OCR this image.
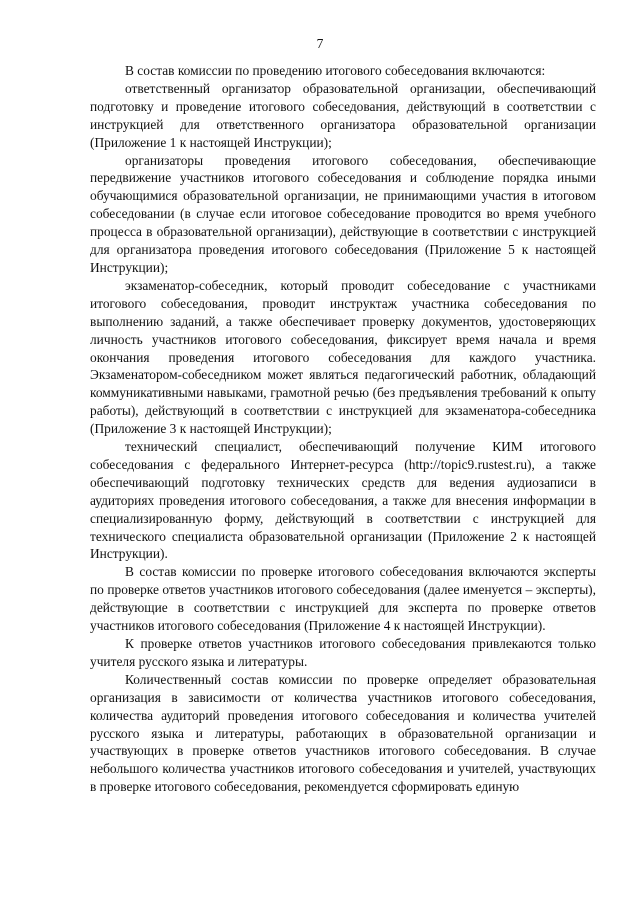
7

В состав комиссии по проведению итогового собеседования включаются:

ответственный организатор образовательной организации, обеспечивающий подготовку и проведение итогового собеседования, действующий в соответствии с инструкцией для ответственного организатора образовательной организации (Приложение 1 к настоящей Инструкции);

организаторы проведения итогового собеседования, обеспечивающие передвижение участников итогового собеседования и соблюдение порядка иными обучающимися образовательной организации, не принимающими участия в итоговом собеседовании (в случае если итоговое собеседование проводится во время учебного процесса в образовательной организации), действующие в соответствии с инструкцией для организатора проведения итогового собеседования (Приложение 5 к настоящей Инструкции);

экзаменатор-собеседник, который проводит собеседование с участниками итогового собеседования, проводит инструктаж участника собеседования по выполнению заданий, а также обеспечивает проверку документов, удостоверяющих личность участников итогового собеседования, фиксирует время начала и время окончания проведения итогового собеседования для каждого участника. Экзаменатором-собеседником может являться педагогический работник, обладающий коммуникативными навыками, грамотной речью (без предъявления требований к опыту работы), действующий в соответствии с инструкцией для экзаменатора-собеседника (Приложение 3 к настоящей Инструкции);

технический специалист, обеспечивающий получение КИМ итогового собеседования с федерального Интернет-ресурса (http://topic9.rustest.ru), а также обеспечивающий подготовку технических средств для ведения аудиозаписи в аудиториях проведения итогового собеседования, а также для внесения информации в специализированную форму, действующий в соответствии с инструкцией для технического специалиста образовательной организации (Приложение 2 к настоящей Инструкции).

В состав комиссии по проверке итогового собеседования включаются эксперты по проверке ответов участников итогового собеседования (далее именуется – эксперты), действующие в соответствии с инструкцией для эксперта по проверке ответов участников итогового собеседования (Приложение 4 к настоящей Инструкции).

К проверке ответов участников итогового собеседования привлекаются только учителя русского языка и литературы.

Количественный состав комиссии по проверке определяет образовательная организация в зависимости от количества участников итогового собеседования, количества аудиторий проведения итогового собеседования и количества учителей русского языка и литературы, работающих в образовательной организации и участвующих в проверке ответов участников итогового собеседования. В случае небольшого количества участников итогового собеседования и учителей, участвующих в проверке итогового собеседования, рекомендуется сформировать единую
